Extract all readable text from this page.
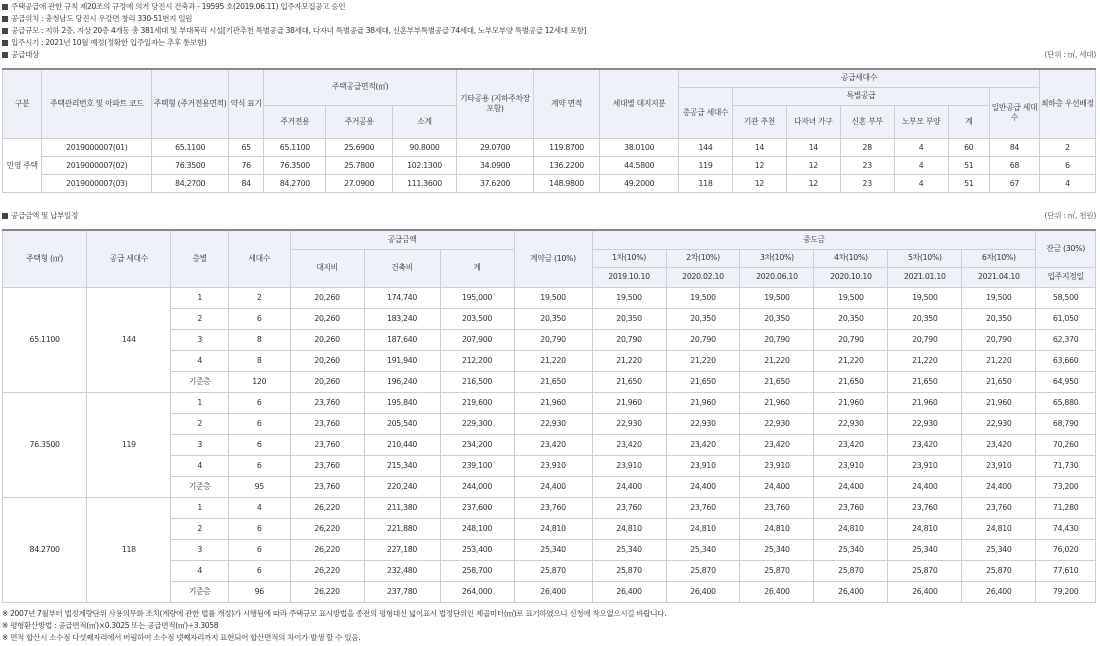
주택공급에 관한 규칙 제20조의 규정에 의거 당진시 건축과 - 19595 호(2019.06.11) 입주자모집공고 승인
공급위치 : 충청남도 당진시 우강면 창리 330-51번지 일원
공급규모 : 지하 2층, 지상 20층 4개동 총 381세대 및 부대복리 시설[기관추천 특별공급 38세대, 다자녀 특별공급 38세대, 신혼부부특별공급 74세대, 노부모부양 특별공급 12세대 포함]
입주시기 : 2021년 10월 예정(정확한 입주일자는 추후 통보함)
공급대상	(단위 : ㎡, 세대)
구분	주택관리번호 및 아파트 코드	주택형 (주거전용면적)	약식 표기	주택공급면적(㎡)			기타공용 (지하주차장포함)	계약 면적	세대별 대지지분	공급세대수							최하층 우선배정
										총공급 세대수	특별공급					일반공급 세대수	
				주거전용	주거공용	소계					기관 추천	다자녀 가구	신혼 부부	노부모 부양	계		
민영 주택	2019000007(01)	65.1100	65	65.1100	25.6900	90.8000	29.0700	119.8700	38.0100	144	14	14	28	4	60	84	2
	2019000007(02)	76.3500	76	76.3500	25.7800	102.1300	34.0900	136.2200	44.5800	119	12	12	23	4	51	68	6
	2019000007(03)	84.2700	84	84.2700	27.0900	111.3600	37.6200	148.9800	49.2000	118	12	12	23	4	51	67	4
공급금액 및 납부일정	(단위 : ㎡, 천원)
주택형 (㎡)	공급 세대수	층별	세대수	공급금액			계약금 (10%)	중도금						잔금 (30%)
				대지비	건축비	계		1차(10%)	2차(10%)	3차(10%)	4차(10%)	5차(10%)	6차(10%)	
								2019.10.10	2020.02.10	2020.06.10	2020.10.10	2021.01.10	2021.04.10	입주지정일
65.1100	144	1	2	20,260	174,740	195,000	19,500	19,500	19,500	19,500	19,500	19,500	19,500	58,500
		2	6	20,260	183,240	203,500	20,350	20,350	20,350	20,350	20,350	20,350	20,350	61,050
		3	8	20,260	187,640	207,900	20,790	20,790	20,790	20,790	20,790	20,790	20,790	62,370
		4	8	20,260	191,940	212,200	21,220	21,220	21,220	21,220	21,220	21,220	21,220	63,660
		기준층	120	20,260	196,240	216,500	21,650	21,650	21,650	21,650	21,650	21,650	21,650	64,950
76.3500	119	1	6	23,760	195,840	219,600	21,960	21,960	21,960	21,960	21,960	21,960	21,960	65,880
		2	6	23,760	205,540	229,300	22,930	22,930	22,930	22,930	22,930	22,930	22,930	68,790
		3	6	23,760	210,440	234,200	23,420	23,420	23,420	23,420	23,420	23,420	23,420	70,260
		4	6	23,760	215,340	239,100	23,910	23,910	23,910	23,910	23,910	23,910	23,910	71,730
		기준층	95	23,760	220,240	244,000	24,400	24,400	24,400	24,400	24,400	24,400	24,400	73,200
84.2700	118	1	4	26,220	211,380	237,600	23,760	23,760	23,760	23,760	23,760	23,760	23,760	71,280
		2	6	26,220	221,880	248,100	24,810	24,810	24,810	24,810	24,810	24,810	24,810	74,430
		3	6	26,220	227,180	253,400	25,340	25,340	25,340	25,340	25,340	25,340	25,340	76,020
		4	6	26,220	232,480	258,700	25,870	25,870	25,870	25,870	25,870	25,870	25,870	77,610
		기준층	96	26,220	237,780	264,000	26,400	26,400	26,400	26,400	26,400	26,400	26,400	79,200
※ 2007년 7월부터 법정계량단위 사용의무화 조치(계량에 관한 법률 개정)가 시행됨에 따라 주택규모 표시방법을 종전의 평형대신 넓이표시 법정단위인 제곱미터(㎡)로 표기하였으니 신청에 착오없으시길 바랍니다.
※ 평형환산방법 : 공급면적(㎡)×0.3025 또는 공급면적(㎡)÷3.3058
※ 면적 합산시 소수점 다섯째자리에서 버림하여 소수점 넷째자리까지 표현되어 합산면적의 차이가 발생 할 수 있음.
